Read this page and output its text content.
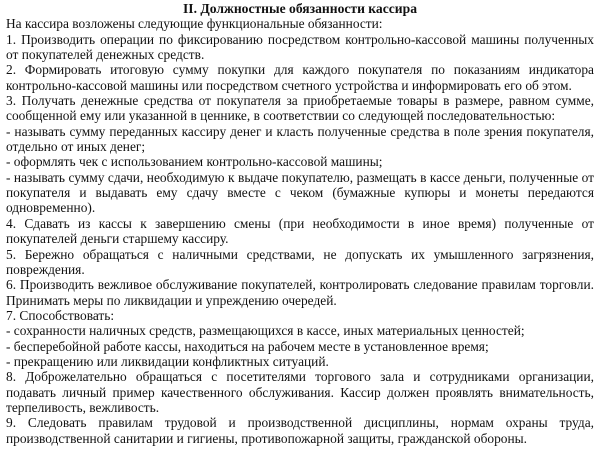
II. Должностные обязанности кассира
На кассира возложены следующие функциональные обязанности:
1. Производить операции по фиксированию посредством контрольно-кассовой машины полученных от покупателей денежных средств.
2. Формировать итоговую сумму покупки для каждого покупателя по показаниям индикатора контрольно-кассовой машины или посредством счетного устройства и информировать его об этом.
3. Получать денежные средства от покупателя за приобретаемые товары в размере, равном сумме, сообщенной ему или указанной в ценнике, в соответствии со следующей последовательностью:
- называть сумму переданных кассиру денег и класть полученные средства в поле зрения покупателя, отдельно от иных денег;
- оформлять чек с использованием контрольно-кассовой машины;
- называть сумму сдачи, необходимую к выдаче покупателю, размещать в кассе деньги, полученные от покупателя и выдавать ему сдачу вместе с чеком (бумажные купюры и монеты передаются одновременно).
4. Сдавать из кассы к завершению смены (при необходимости в иное время) полученные от покупателей деньги старшему кассиру.
5. Бережно обращаться с наличными средствами, не допускать их умышленного загрязнения, повреждения.
6. Производить вежливое обслуживание покупателей, контролировать следование правилам торговли. Принимать меры по ликвидации и упреждению очередей.
7. Способствовать:
- сохранности наличных средств, размещающихся в кассе, иных материальных ценностей;
- бесперебойной работе кассы, находиться на рабочем месте в установленное время;
- прекращению или ликвидации конфликтных ситуаций.
8. Доброжелательно обращаться с посетителями торгового зала и сотрудниками организации, подавать личный пример качественного обслуживания. Кассир должен проявлять внимательность, терпеливость, вежливость.
9. Следовать правилам трудовой и производственной дисциплины, нормам охраны труда, производственной санитарии и гигиены, противопожарной защиты, гражданской обороны.
